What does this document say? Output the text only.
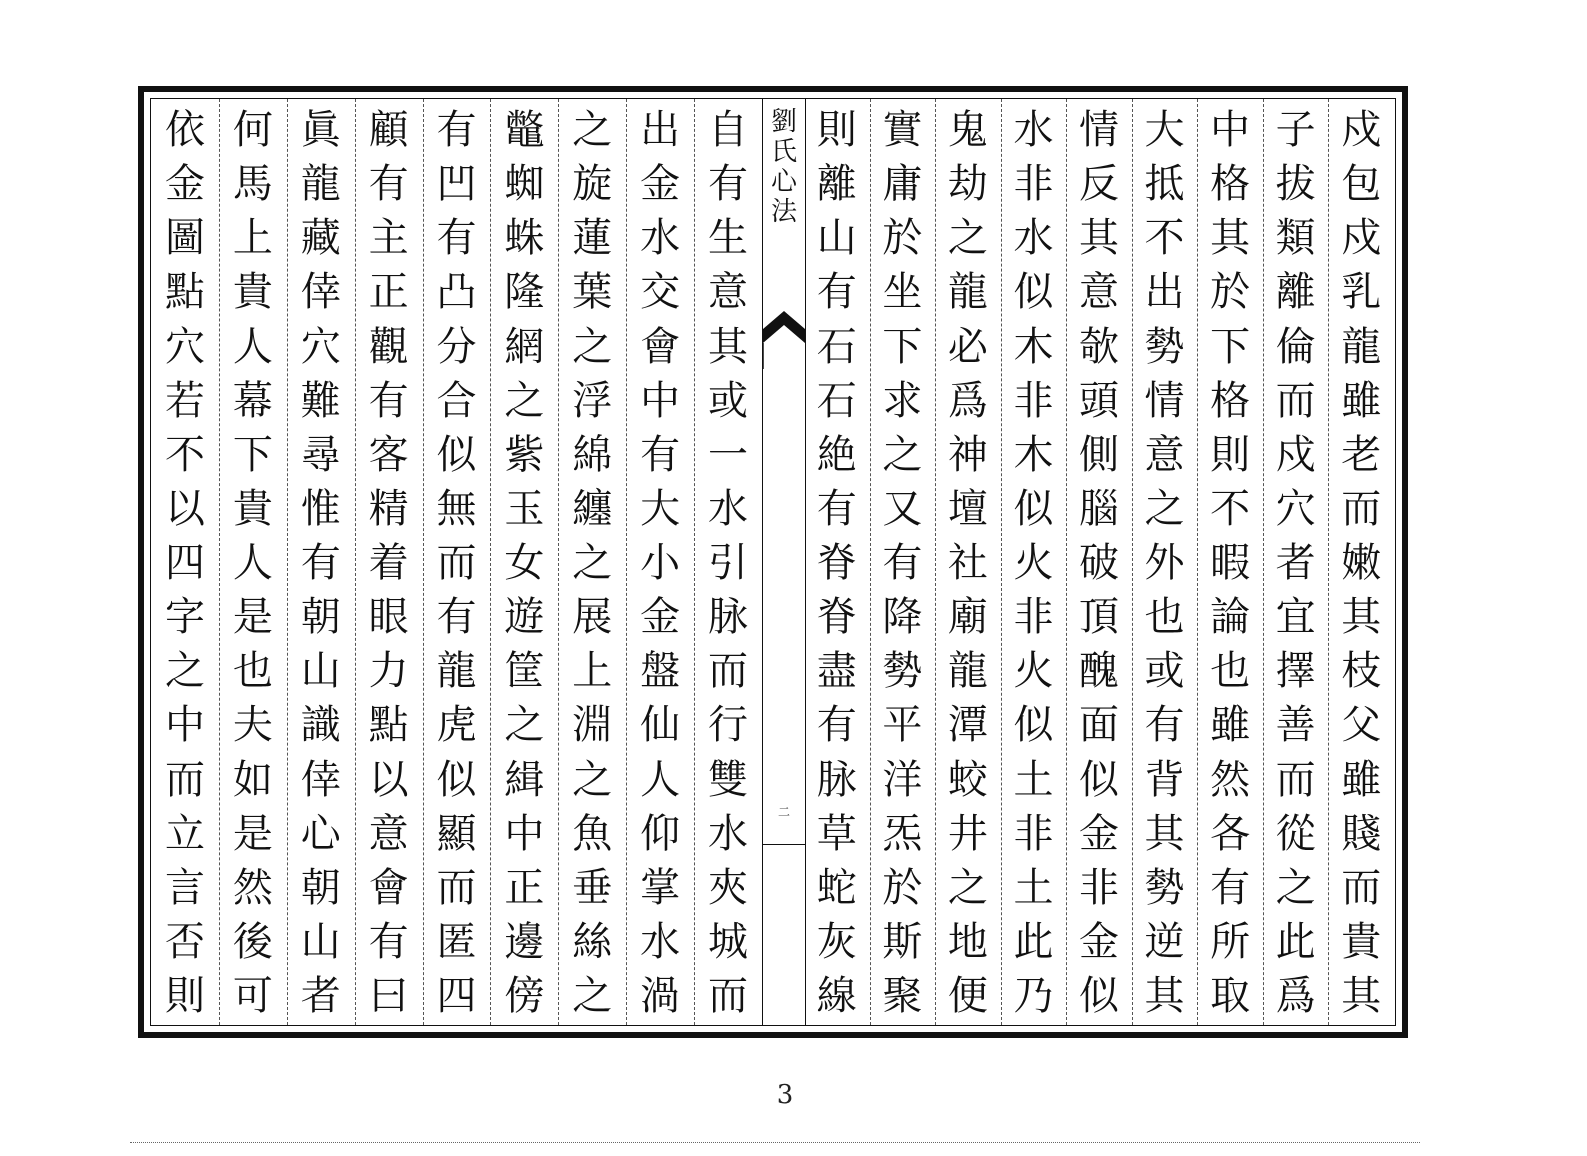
劉
氏
心
法
二
戍
包
戍
乳
龍
雖
老
而
嫩
其
枝
父
雖
賤
而
貴
其
子
拔
類
離
倫
而
戍
穴
者
宜
擇
善
而
從
之
此
爲
中
格
其
於
下
格
則
不
暇
論
也
雖
然
各
有
所
取
大
抵
不
出
勢
情
意
之
外
也
或
有
背
其
勢
逆
其
情
反
其
意
欹
頭
側
腦
破
頂
醜
面
似
金
非
金
似
水
非
水
似
木
非
木
似
火
非
火
似
土
非
土
此
乃
鬼
劫
之
龍
必
爲
神
壇
社
廟
龍
潭
蛟
井
之
地
便
實
庸
於
坐
下
求
之
又
有
降
勢
平
洋
炁
於
斯
聚
則
離
山
有
石
石
絶
有
脊
脊
盡
有
脉
草
蛇
灰
線
自
有
生
意
其
或
一
水
引
脉
而
行
雙
水
夾
城
而
出
金
水
交
會
中
有
大
小
金
盤
仙
人
仰
掌
水
渦
之
旋
蓮
葉
之
浮
綿
纏
之
展
上
淵
之
魚
垂
絲
之
鼈
蜘
蛛
隆
網
之
紫
玉
女
遊
筐
之
緝
中
正
邊
傍
有
凹
有
凸
分
合
似
無
而
有
龍
虎
似
顯
而
匿
四
顧
有
主
正
觀
有
客
精
着
眼
力
點
以
意
會
有
曰
眞
龍
藏
倖
穴
難
尋
惟
有
朝
山
識
倖
心
朝
山
者
何
馬
上
貴
人
幕
下
貴
人
是
也
夫
如
是
然
後
可
依
金
圖
點
穴
若
不
以
四
字
之
中
而
立
言
否
則
3
